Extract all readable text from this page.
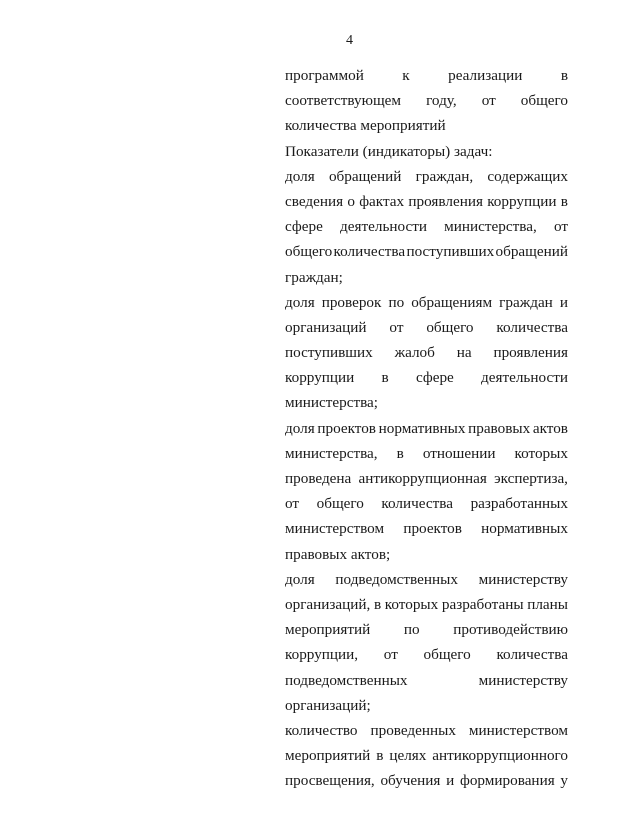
4
программой	к	реализации	в
соответствующем году, от общего
количества мероприятий
Показатели (индикаторы) задач:
доля обращений граждан, содержащих
сведения о фактах проявления коррупции в
сфере деятельности министерства, от
общего количества поступивших обращений
граждан;
доля проверок по обращениям граждан и
организаций от общего количества
поступивших жалоб на проявления
коррупции в сфере деятельности
министерства;
доля проектов нормативных правовых актов
министерства, в отношении которых
проведена антикоррупционная экспертиза,
от общего количества разработанных
министерством проектов нормативных
правовых актов;
доля подведомственных министерству
организаций, в которых разработаны планы
мероприятий по противодействию
коррупции, от общего количества
подведомственных	министерству
организаций;
количество проведенных министерством
мероприятий в целях антикоррупционного
просвещения, обучения и формирования у
